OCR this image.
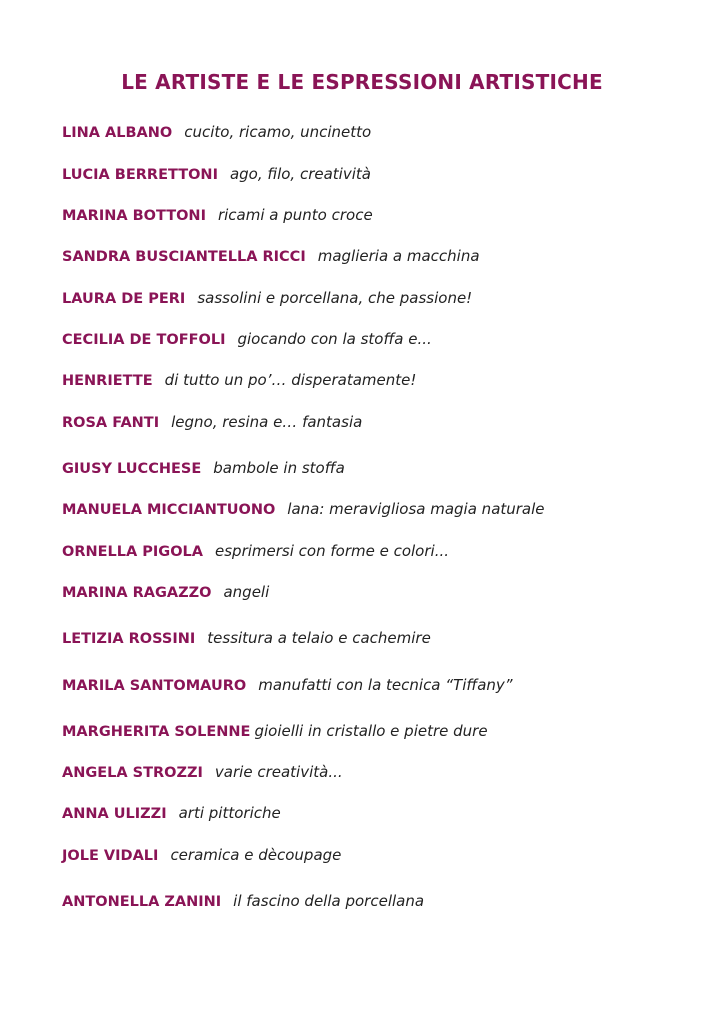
LE ARTISTE E LE ESPRESSIONI ARTISTICHE
LINA ALBANO cucito, ricamo, uncinetto
LUCIA BERRETTONI ago, filo, creatività
MARINA BOTTONI ricami a punto croce
SANDRA BUSCIANTELLA RICCI maglieria a macchina
LAURA DE PERI sassolini e porcellana, che passione!
CECILIA DE TOFFOLI giocando con la stoffa e...
HENRIETTE di tutto un po’… disperatamente!
ROSA FANTI legno, resina e… fantasia
GIUSY LUCCHESE bambole in stoffa
MANUELA MICCIANTUONO lana: meravigliosa magia naturale
ORNELLA PIGOLA esprimersi con forme e colori...
MARINA RAGAZZO angeli
LETIZIA ROSSINI tessitura a telaio e cachemire
MARILA SANTOMAURO manufatti con la tecnica “Tiffany”
MARGHERITA SOLENNE gioielli in cristallo e pietre dure
ANGELA STROZZI varie creatività...
ANNA ULIZZI arti pittoriche
JOLE VIDALI ceramica e dècoupage
ANTONELLA ZANINI il fascino della porcellana
